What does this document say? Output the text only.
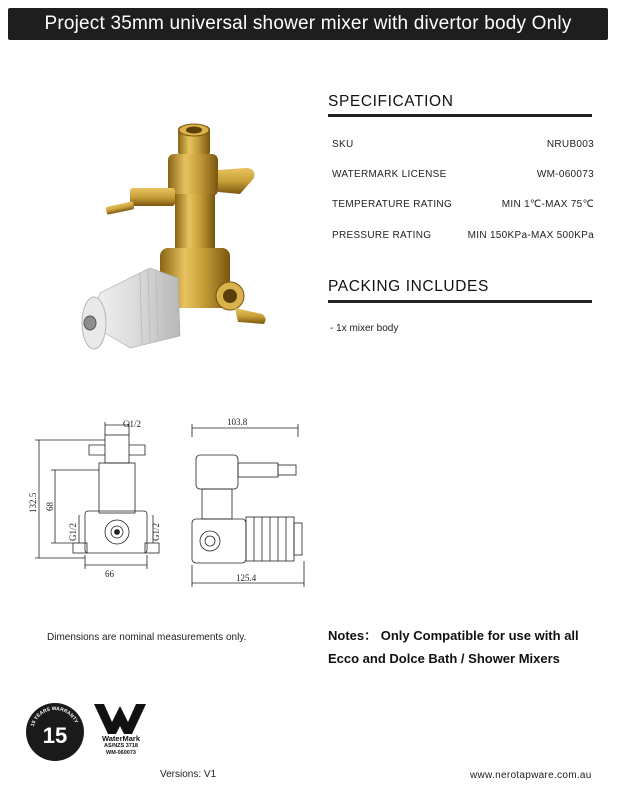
Project 35mm universal shower mixer with divertor body Only
SPECIFICATION
SKU	NRUB003
WATERMARK LICENSE	WM-060073
TEMPERATURE RATING	MIN 1℃-MAX 75℃
PRESSURE RATING	MIN 150KPa-MAX 500KPa
PACKING INCLUDES
- 1x mixer body
G1/2
132.5 68
G1/2	G1/2
66
103.8
125.4
Dimensions are nominal measurements only.	Notes： Only Compatible for use with all
Ecco and Dolce Bath / Shower Mixers
15 YEARS WARRANTY
15	WaterMark
AS/NZS 3718
WM-060073
Versions: V1	www.nerotapware.com.au
